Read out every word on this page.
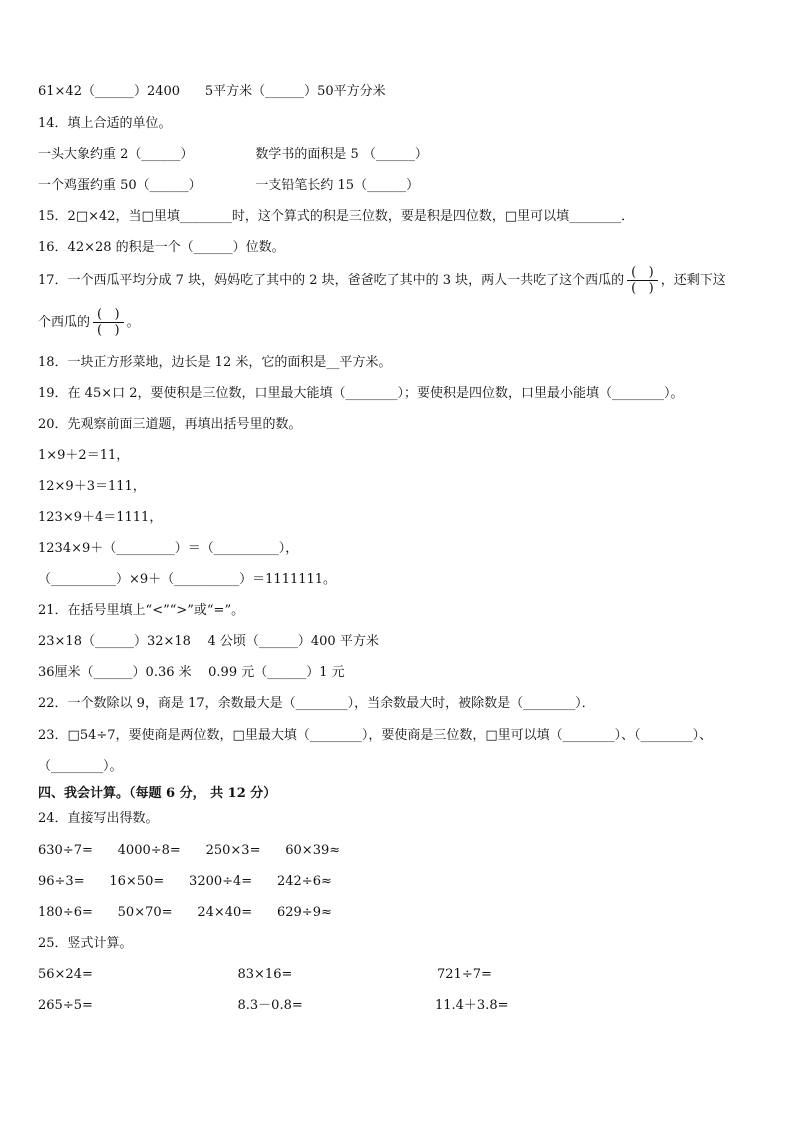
61×42（______）2400      5平方米（______）50平方分米
14．填上合适的单位。
一头大象约重 2（______）               数学书的面积是 5 （______）
一个鸡蛋约重 50（______）             一支铅笔长约 15（______）
15．2□×42，当□里填________时，这个算式的积是三位数，要是积是四位数，□里可以填________．
16．42×28 的积是一个（______）位数。
17．一个西瓜平均分成 7 块，妈妈吃了其中的 2 块，爸爸吃了其中的 3 块，两人一共吃了这个西瓜的 $\frac{( )}{( )}$ ，还剩下这
个西瓜的 $\frac{( )}{( )}$ 。
18．一块正方形菜地，边长是 12 米，它的面积是__平方米。
19．在 45×口 2，要使积是三位数，口里最大能填（________）；要使积是四位数，口里最小能填（________）。
20．先观察前面三道题，再填出括号里的数。
1×9＋2＝11，
12×9＋3＝111，
123×9＋4＝1111，
1234×9＋（_________）＝（__________），
（__________）×9＋（__________）＝1111111。
21．在括号里填上“<”“>”或“=”。
23×18（______）32×18    4 公顷（______）400 平方米
36厘米（______）0.36 米    0.99 元（______）1 元
22．一个数除以 9，商是 17，余数最大是（________），当余数最大时，被除数是（________）．
23．□54÷7，要使商是两位数，□里最大填（________），要使商是三位数，□里可以填（________）、（________）、
（________）。
四、我会计算。（每题 6 分， 共 12 分）
24．直接写出得数。
630÷7=      4000÷8=      250×3=      60×39≈
96÷3=      16×50=      3200÷4=      242÷6≈
180÷6=      50×70=      24×40=      629÷9≈
25．竖式计算。
56×24=                                   83×16=                                   721÷7=
265÷5=                                   8.3－0.8=                                11.4＋3.8=
